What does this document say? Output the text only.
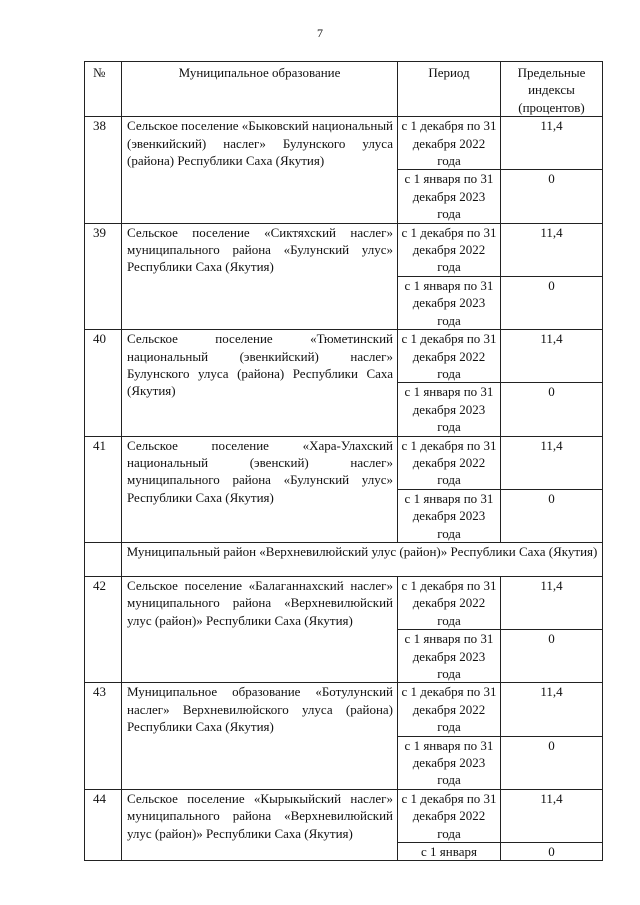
7
№	Муниципальное образование	Период	Предельные индексы (процентов)
38	Сельское поселение «Быковский национальный (эвенкийский) наслег» Булунского улуса (района) Республики Саха (Якутия)	с 1 декабря по 31 декабря 2022 года	11,4
		с 1 января по 31 декабря 2023 года	0
39	Сельское поселение «Сиктяхский наслег» муниципального района «Булунский улус» Республики Саха (Якутия)	с 1 декабря по 31 декабря 2022 года	11,4
		с 1 января по 31 декабря 2023 года	0
40	Сельское поселение «Тюметинский национальный (эвенкийский) наслег» Булунского улуса (района) Республики Саха (Якутия)	с 1 декабря по 31 декабря 2022 года	11,4
		с 1 января по 31 декабря 2023 года	0
41	Сельское поселение «Хара-Улахский национальный (эвенский) наслег» муниципального района «Булунский улус» Республики Саха (Якутия)	с 1 декабря по 31 декабря 2022 года	11,4
		с 1 января по 31 декабря 2023 года	0
	Муниципальный район «Верхневилюйский улус (район)» Республики Саха (Якутия)		
42	Сельское поселение «Балаганнахский наслег» муниципального района «Верхневилюйский улус (район)» Республики Саха (Якутия)	с 1 декабря по 31 декабря 2022 года	11,4
		с 1 января по 31 декабря 2023 года	0
43	Муниципальное образование «Ботулунский наслег» Верхневилюйского улуса (района) Республики Саха (Якутия)	с 1 декабря по 31 декабря 2022 года	11,4
		с 1 января по 31 декабря 2023 года	0
44	Сельское поселение «Кырыкыйский наслег» муниципального района «Верхневилюйский улус (район)» Республики Саха (Якутия)	с 1 декабря по 31 декабря 2022 года	11,4
		с 1 января	0
